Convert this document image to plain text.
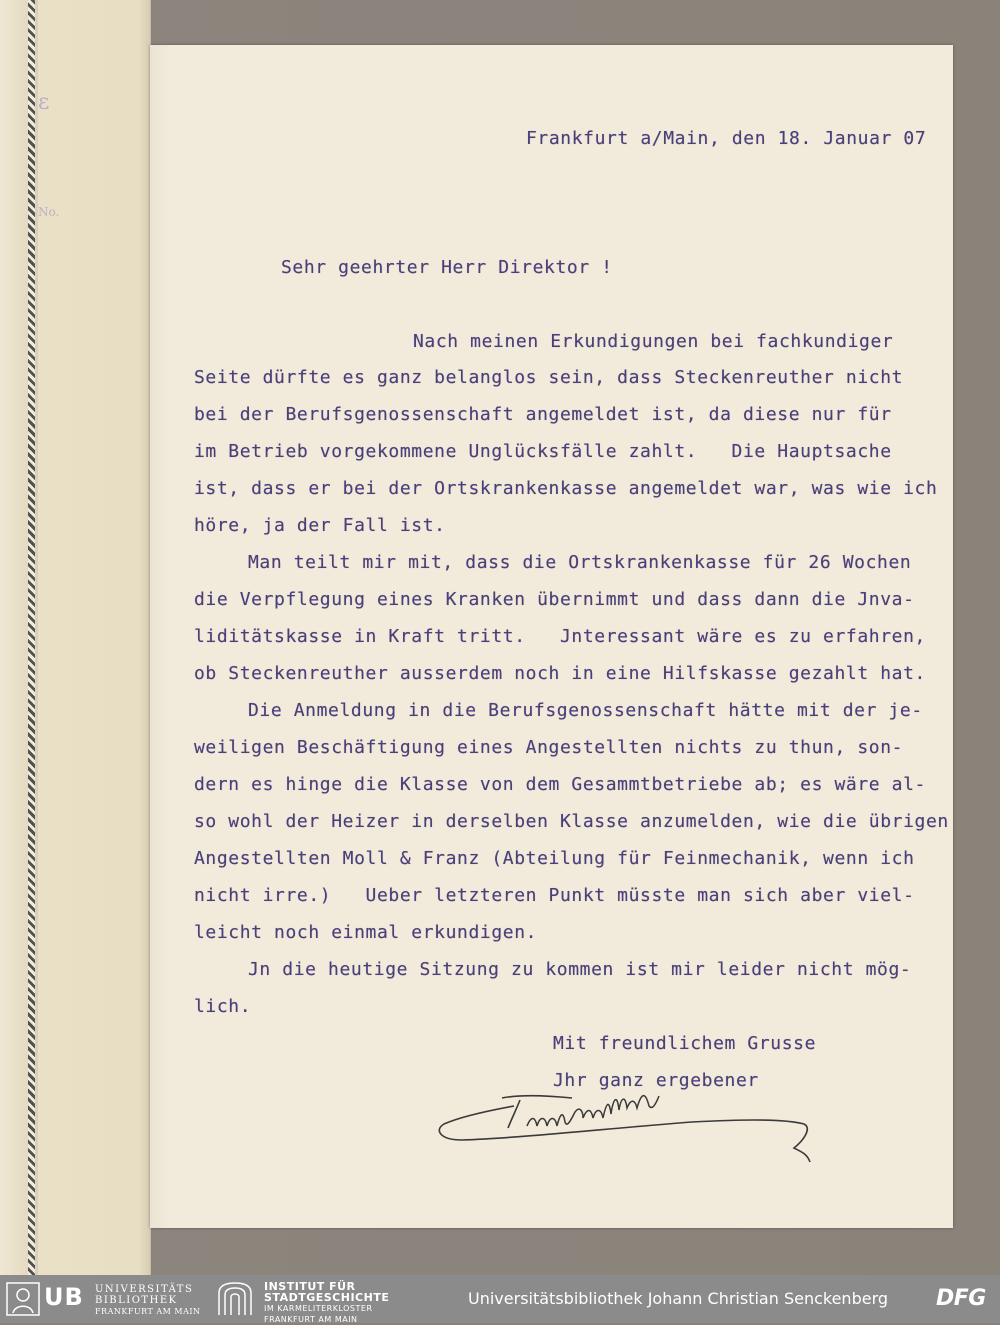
ε
No.
Frankfurt a/Main, den 18. Januar 07
Sehr geehrter Herr Direktor !
Nach meinen Erkundigungen bei fachkundiger
Seite dürfte es ganz belanglos sein, dass Steckenreuther nicht
bei der Berufsgenossenschaft angemeldet ist, da diese nur für
im Betrieb vorgekommene Unglücksfälle zahlt.   Die Hauptsache
ist, dass er bei der Ortskrankenkasse angemeldet war, was wie ich
höre, ja der Fall ist.
Man teilt mir mit, dass die Ortskrankenkasse für 26 Wochen
die Verpflegung eines Kranken übernimmt und dass dann die Jnva-
liditätskasse in Kraft tritt.   Jnteressant wäre es zu erfahren,
ob Steckenreuther ausserdem noch in eine Hilfskasse gezahlt hat.
Die Anmeldung in die Berufsgenossenschaft hätte mit der je-
weiligen Beschäftigung eines Angestellten nichts zu thun, son-
dern es hinge die Klasse von dem Gesammtbetriebe ab; es wäre al-
so wohl der Heizer in derselben Klasse anzumelden, wie die übrigen
Angestellten Moll & Franz (Abteilung für Feinmechanik, wenn ich
nicht irre.)   Ueber letzteren Punkt müsste man sich aber viel-
leicht noch einmal erkundigen.
Jn die heutige Sitzung zu kommen ist mir leider nicht mög-
lich.
Mit freundlichem Grusse
Jhr ganz ergebener
UB UNIVERSITÄTS
BIBLIOTHEK
FRANKFURT AM MAIN
INSTITUT FÜR
STADTGESCHICHTE
IM KARMELITERKLOSTER
FRANKFURT AM MAIN
Universitätsbibliothek Johann Christian Senckenberg DFG
